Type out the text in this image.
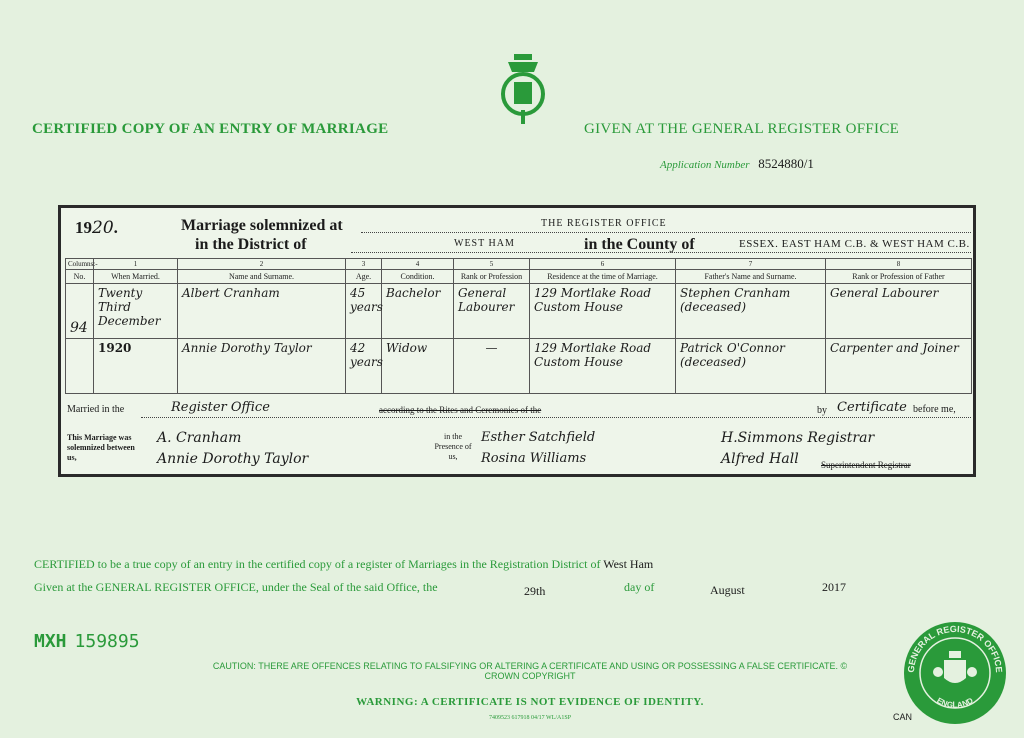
CERTIFIED COPY OF AN ENTRY OF MARRIAGE	GIVEN AT THE GENERAL REGISTER OFFICE
Application Number 8524880/1
1920.	Marriage solemnized at
in the District of
THE REGISTER OFFICE
WEST HAM	in the County of	ESSEX. EAST HAM C.B. & WEST HAM C.B.
Columns:-	1	2	3	4	5	6	7	8
No.	When Married.	Name and Surname.	Age.	Condition.	Rank or Profession	Residence at the time of Marriage.	Father's Name and Surname.	Rank or Profession of Father
94	Twenty Third December	Albert Cranham	45 years	Bachelor	General Labourer	129 Mortlake Road Custom House	Stephen Cranham (deceased)	General Labourer
	1920	Annie Dorothy Taylor	42 years	Widow	—	129 Mortlake Road Custom House	Patrick O'Connor (deceased)	Carpenter and Joiner
Married in the	Register Office	according to the Rites and Ceremonies of the	by Certificate before me,
This Marriage was solemnized between us,
A. Cranham
Annie Dorothy Taylor
in the Presence of us,
Esther Satchfield
Rosina Williams
H.Simmons Registrar
Alfred Hall Superintendent Registrar
CERTIFIED to be a true copy of an entry in the certified copy of a register of Marriages in the Registration District of West Ham
Given at the GENERAL REGISTER OFFICE, under the Seal of the said Office, the	29th	day of	August	2017
MXH 159895
CAUTION: THERE ARE OFFENCES RELATING TO FALSIFYING OR ALTERING A CERTIFICATE AND USING OR POSSESSING A FALSE CERTIFICATE. © CROWN COPYRIGHT
WARNING: A CERTIFICATE IS NOT EVIDENCE OF IDENTITY.
7409523 617918 04/17 WL/A1SP
GENERAL REGISTER OFFICE
ENGLAND
CAN
